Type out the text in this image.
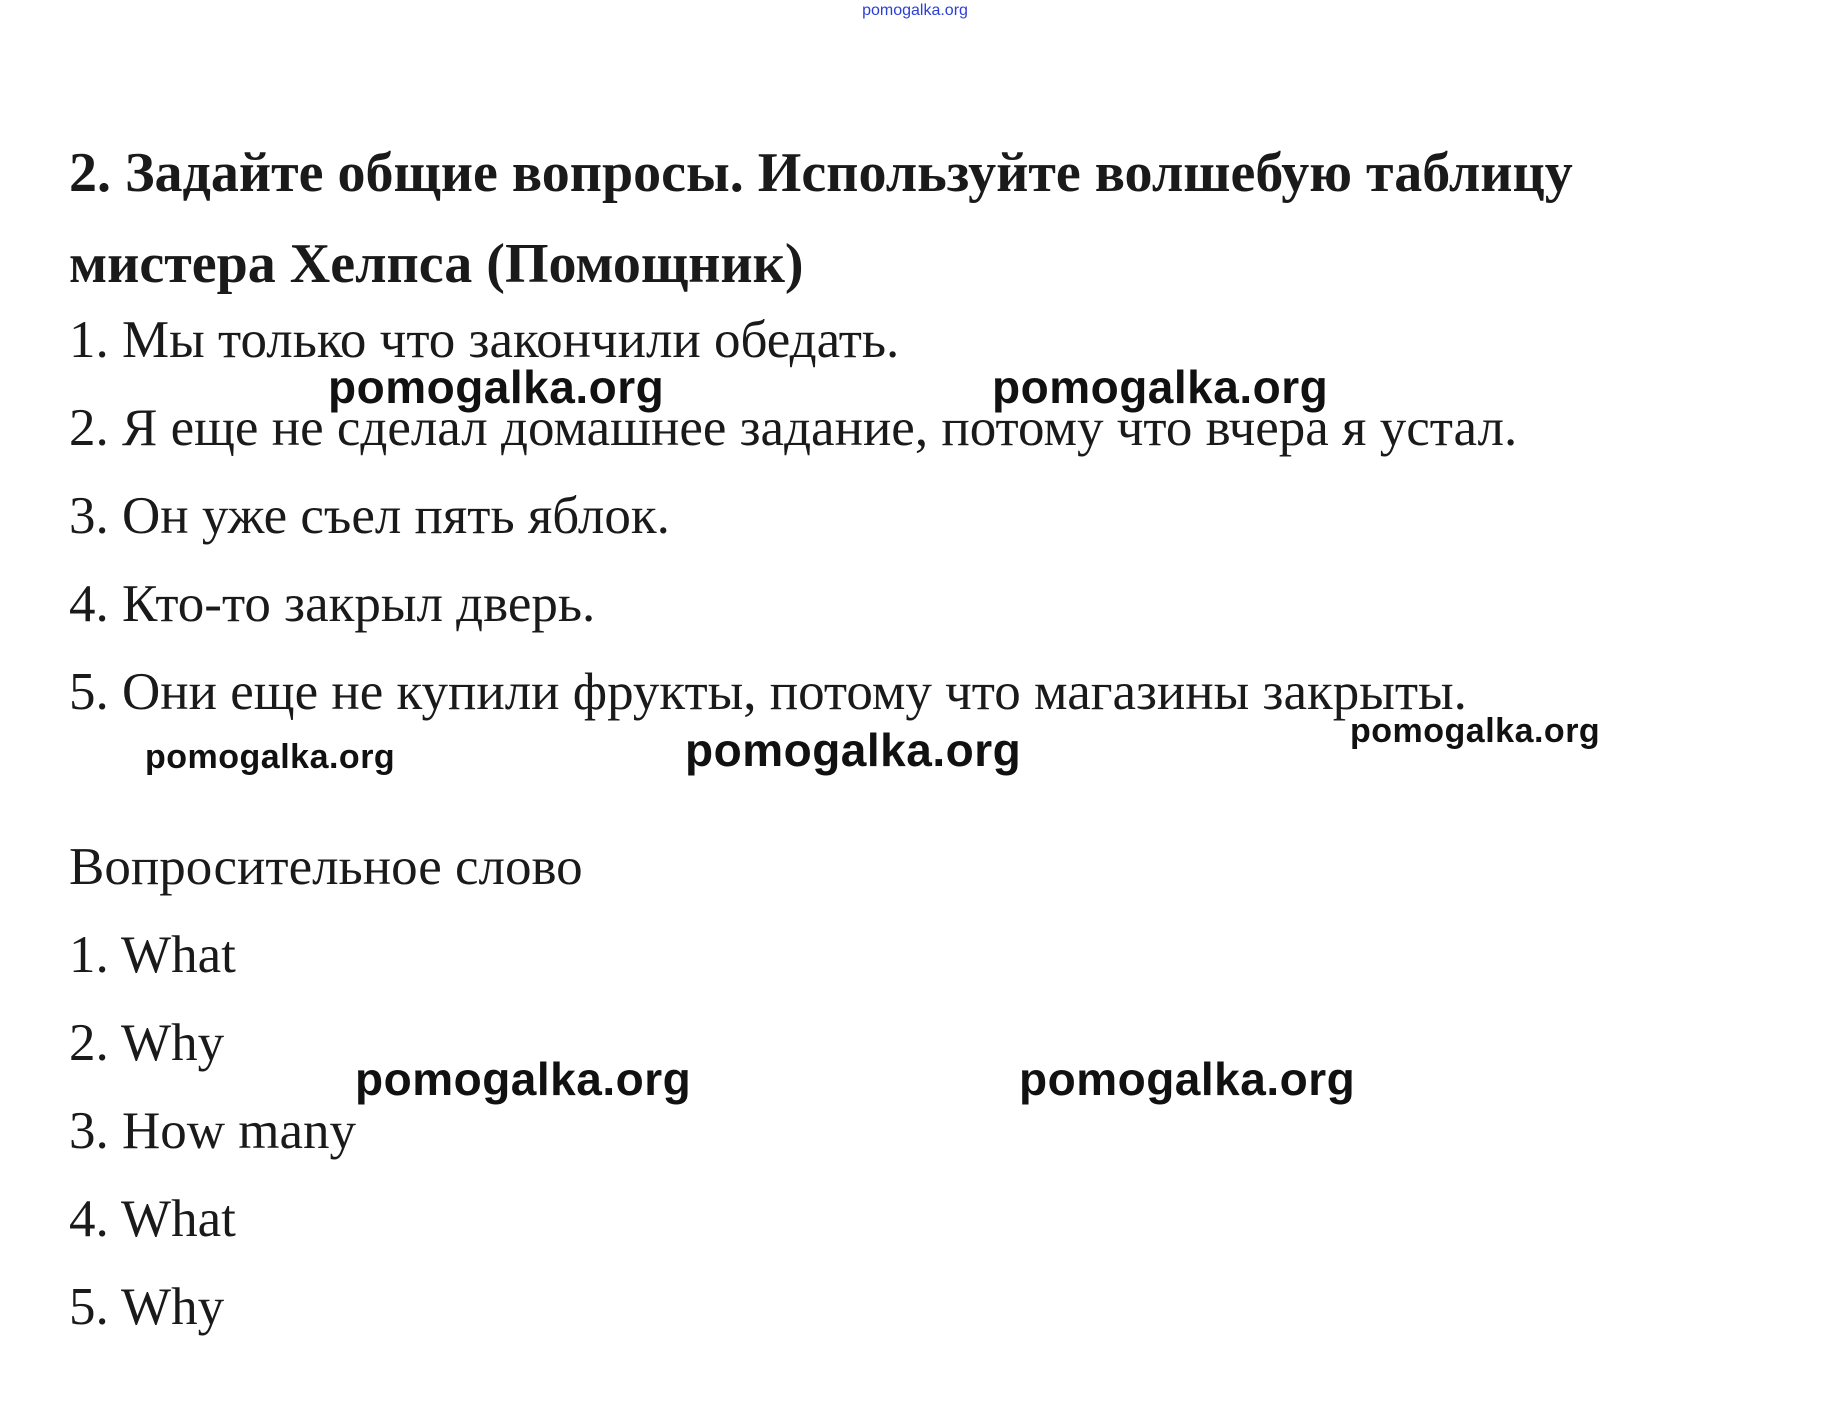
pomogalka.org
2. Задайте общие вопросы. Используйте волшебую таблицу мистера Хелпса (Помощник)

1. Мы только что закончили обедать.

2. Я еще не сделал домашнее задание, потому что вчера я устал.

3. Он уже съел пять яблок.

4. Кто-то закрыл дверь.

5. Они еще не купили фрукты, потому что магазины закрыты.

Вопросительное слово

1. What

2. Why

3. How many

4. What

5. Why

pomogalka.org	pomogalka.org
pomogalka.org	pomogalka.org	pomogalka.org
pomogalka.org	pomogalka.org
